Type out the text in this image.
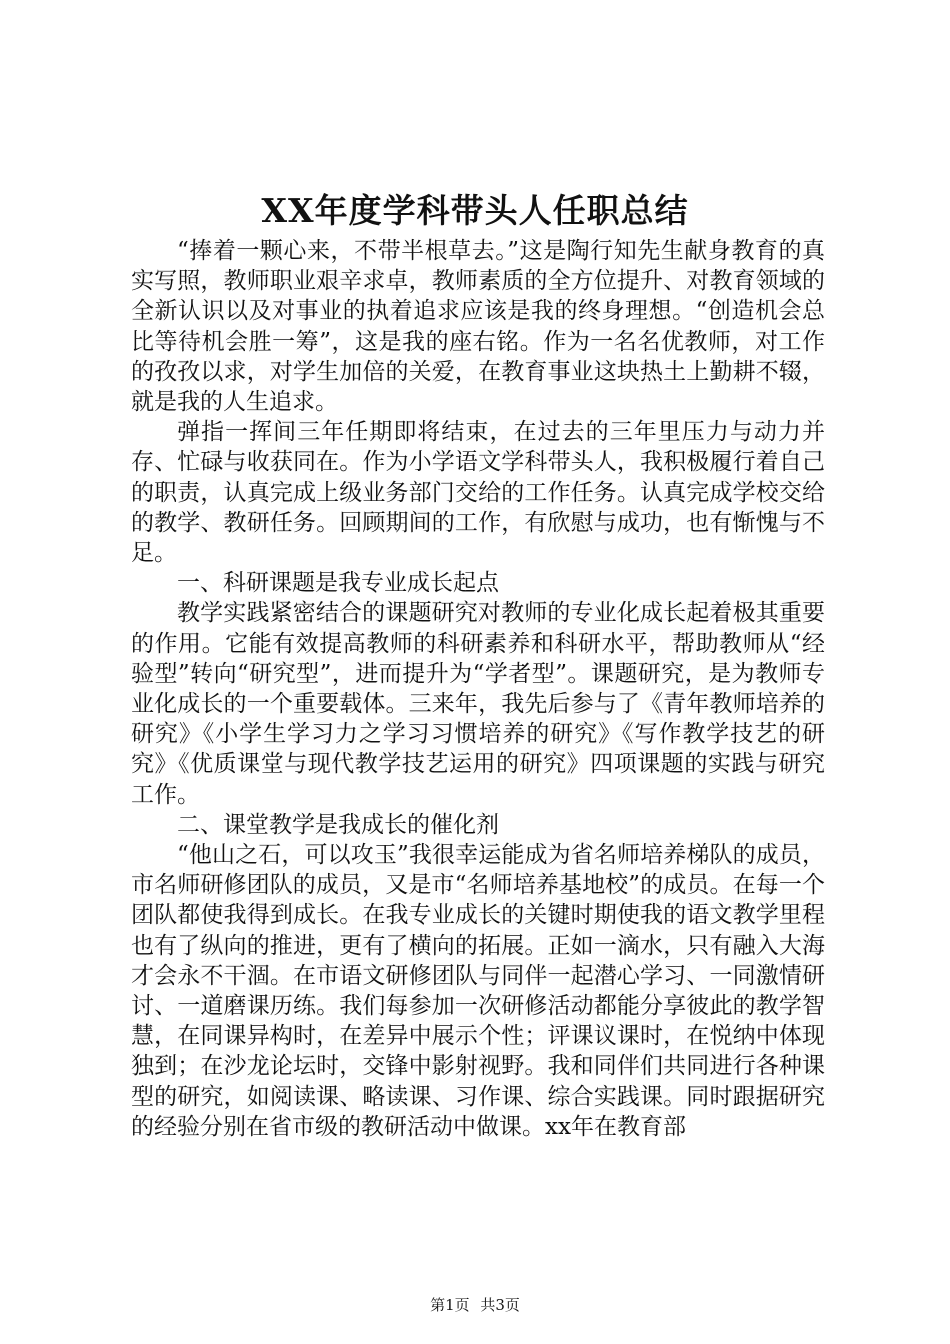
XX年度学科带头人任职总结

“捧着一颗心来，不带半根草去。”这是陶行知先生献身教育的真实写照，教师职业艰辛求卓，教师素质的全方位提升、对教育领域的全新认识以及对事业的执着追求应该是我的终身理想。“创造机会总比等待机会胜一筹”，这是我的座右铭。作为一名名优教师，对工作的孜孜以求，对学生加倍的关爱，在教育事业这块热土上勤耕不辍，就是我的人生追求。

弹指一挥间三年任期即将结束，在过去的三年里压力与动力并存、忙碌与收获同在。作为小学语文学科带头人，我积极履行着自己的职责，认真完成上级业务部门交给的工作任务。认真完成学校交给的教学、教研任务。回顾期间的工作，有欣慰与成功，也有惭愧与不足。

一、科研课题是我专业成长起点

教学实践紧密结合的课题研究对教师的专业化成长起着极其重要的作用。它能有效提高教师的科研素养和科研水平，帮助教师从“经验型”转向“研究型”，进而提升为“学者型”。课题研究，是为教师专业化成长的一个重要载体。三来年，我先后参与了《青年教师培养的研究》《小学生学习力之学习习惯培养的研究》《写作教学技艺的研究》《优质课堂与现代教学技艺运用的研究》四项课题的实践与研究工作。

二、课堂教学是我成长的催化剂

“他山之石，可以攻玉”我很幸运能成为省名师培养梯队的成员，市名师研修团队的成员，又是市“名师培养基地校”的成员。在每一个团队都使我得到成长。在我专业成长的关键时期使我的语文教学里程也有了纵向的推进，更有了横向的拓展。正如一滴水，只有融入大海才会永不干涸。在市语文研修团队与同伴一起潜心学习、一同激情研讨、一道磨课历练。我们每参加一次研修活动都能分享彼此的教学智慧，在同课异构时，在差异中展示个性；评课议课时，在悦纳中体现独到；在沙龙论坛时，交锋中影射视野。我和同伴们共同进行各种课型的研究，如阅读课、略读课、习作课、综合实践课。同时跟据研究的经验分别在省市级的教研活动中做课。xx年在教育部

第1页 共3页
